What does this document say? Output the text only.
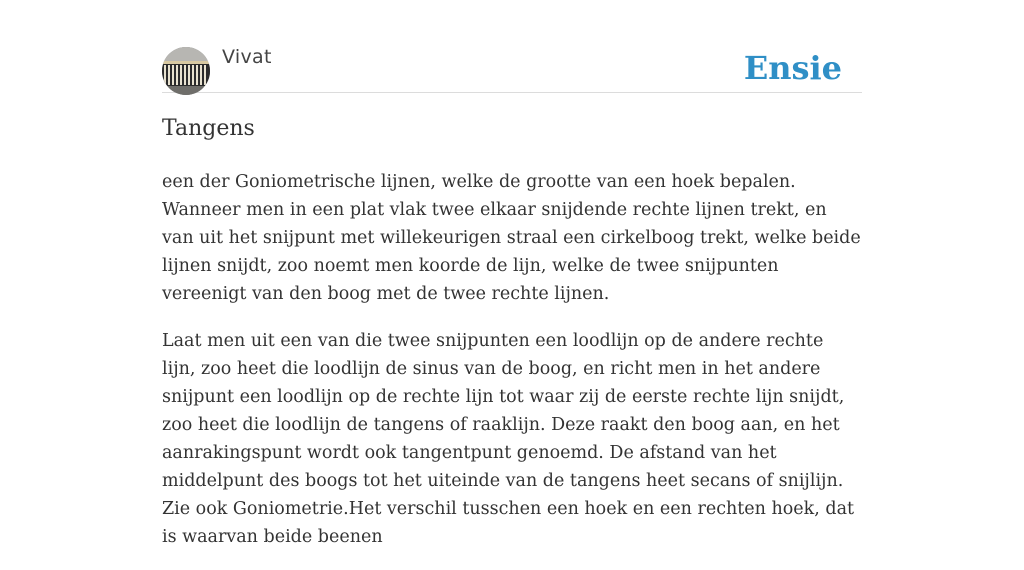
Vivat	Ensie
Tangens

een der Goniometrische lijnen, welke de grootte van een hoek bepalen. Wanneer men in een plat vlak twee elkaar snijdende rechte lijnen trekt, en van uit het snijpunt met willekeurigen straal een cirkelboog trekt, welke beide lijnen snijdt, zoo noemt men koorde de lijn, welke de twee snijpunten vereenigt van den boog met de twee rechte lijnen.

Laat men uit een van die twee snijpunten een loodlijn op de andere rechte lijn, zoo heet die loodlijn de sinus van de boog, en richt men in het andere snijpunt een loodlijn op de rechte lijn tot waar zij de eerste rechte lijn snijdt, zoo heet die loodlijn de tangens of raaklijn. Deze raakt den boog aan, en het aanrakingspunt wordt ook tangentpunt genoemd. De afstand van het middelpunt des boogs tot het uiteinde van de tangens heet secans of snijlijn. Zie ook Goniometrie.Het verschil tusschen een hoek en een rechten hoek, dat is waarvan beide beenen
